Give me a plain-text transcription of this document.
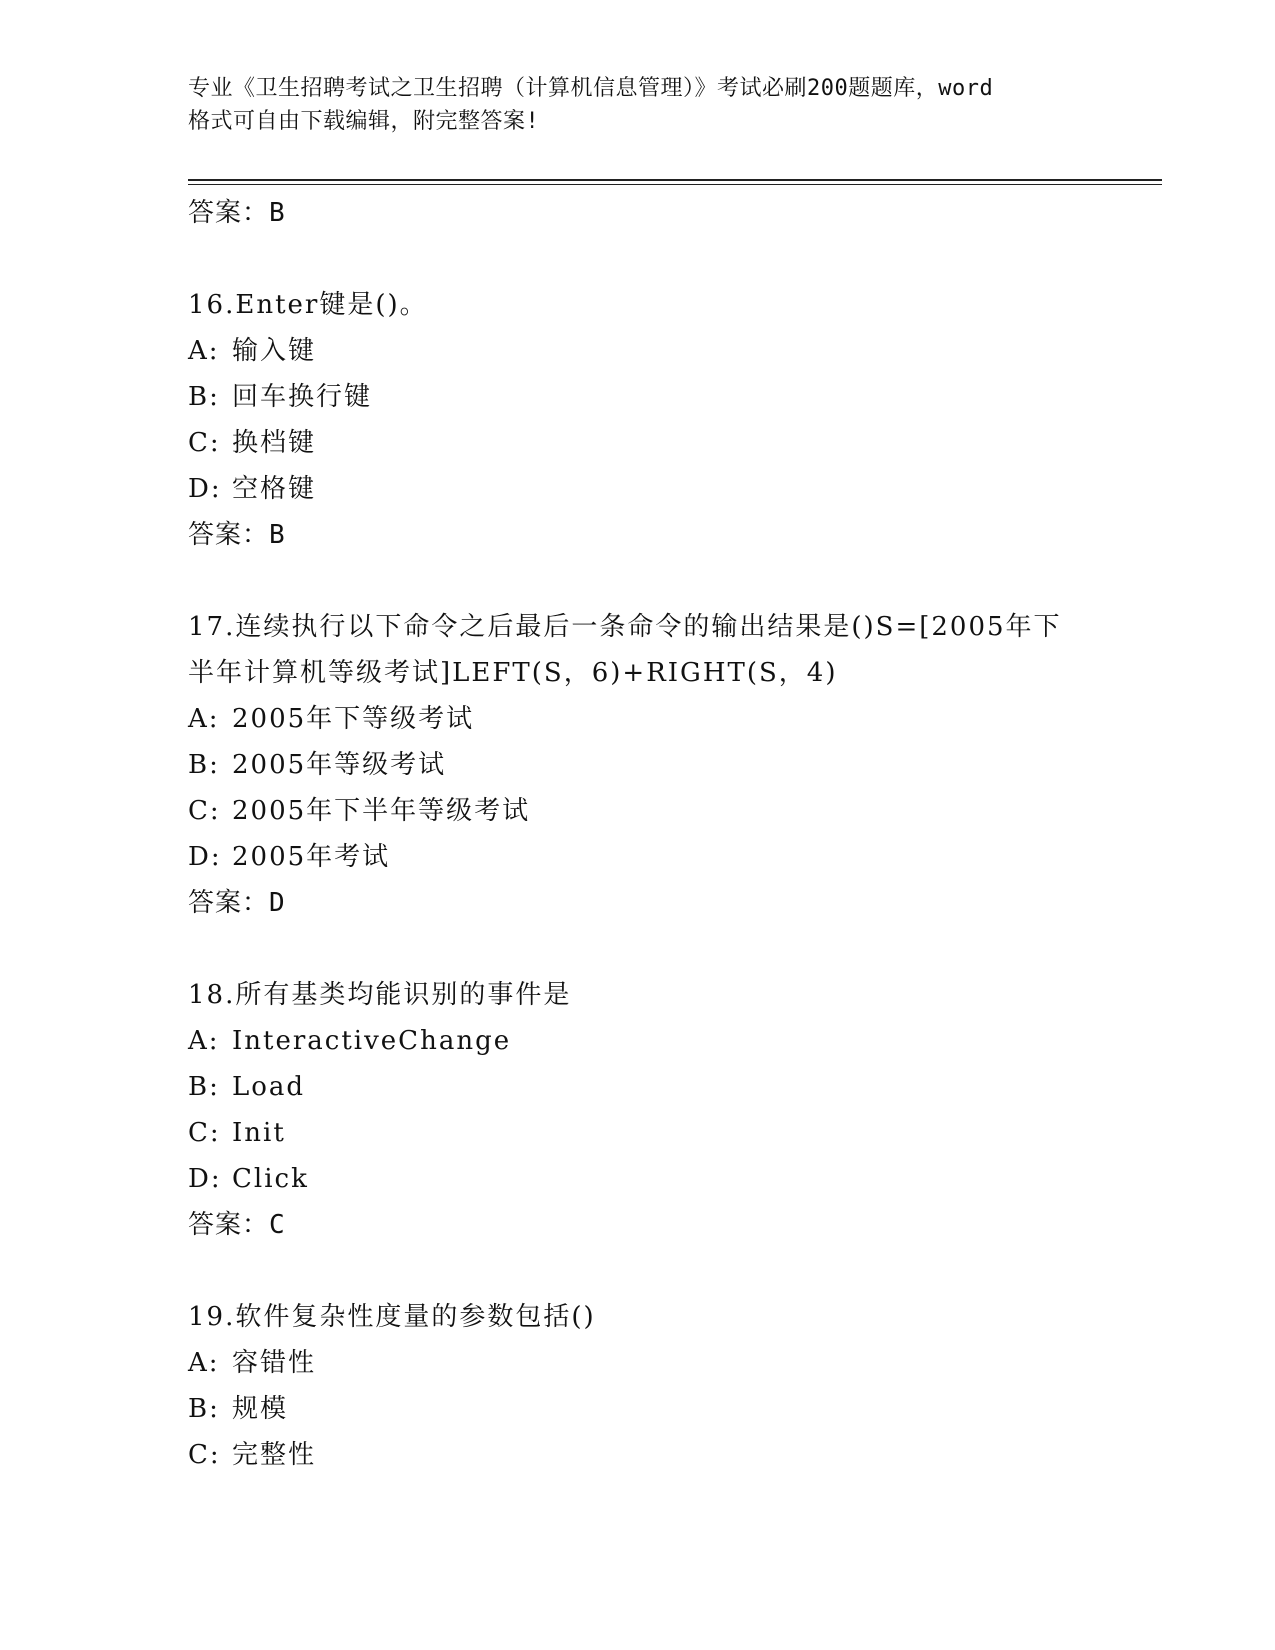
专业《卫生招聘考试之卫生招聘（计算机信息管理）》考试必刷200题题库，word
格式可自由下载编辑，附完整答案!
答案：B
16.Enter键是()。
A: 输入键
B: 回车换行键
C: 换档键
D: 空格键
答案：B
17.连续执行以下命令之后最后一条命令的输出结果是()S=[2005年下
半年计算机等级考试]LEFT(S，6)+RIGHT(S，4)
A: 2005年下等级考试
B: 2005年等级考试
C: 2005年下半年等级考试
D: 2005年考试
答案：D
18.所有基类均能识别的事件是
A: InteractiveChange
B: Load
C: Init
D: Click
答案：C
19.软件复杂性度量的参数包括()
A: 容错性
B: 规模
C: 完整性
